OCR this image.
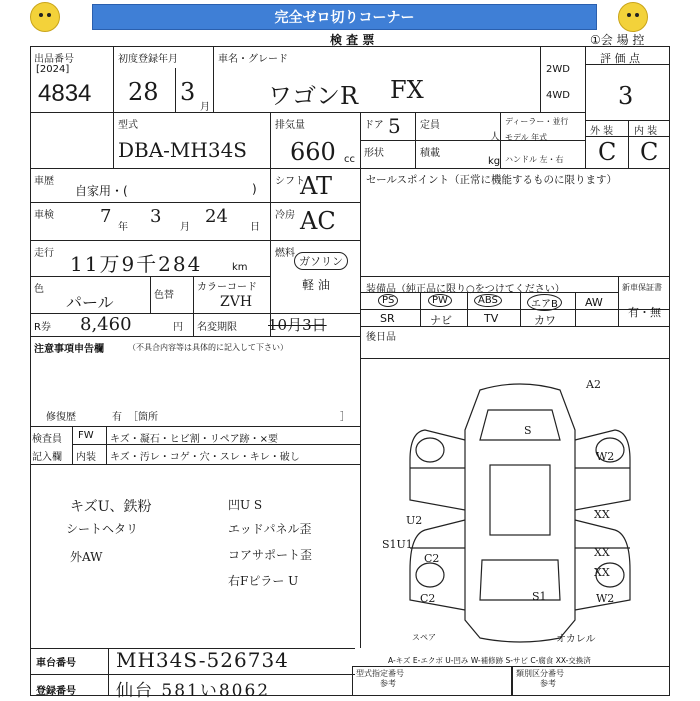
完全ゼロ切りコーナー
検 査 票	①会 場 控
出品番号
[2024]
4834
初度登録年月
28 3
月
車名・グレード
ワゴンR FX
2WD
4WD
評 価 点
3
外 装 内 装
C C
型式
DBA-MH34S
排気量
660 cc
ドア 5 定員
人
形状	積載
kg
ディーラー・並行
モデル 年式
ハンドル 左・右
車歴
自家用・(	)
シフト
AT
冷房 AC
燃料
ガソリン
軽 油
車検	7
年
3
月
24
日
走行 11万9千284	km
色
パール	色替
カラーコード
ZVH
R券 8,460	円 名変期限 10月3日
セールスポイント（正常に機能するものに限ります）
装備品（純正品に限り○をつけてください）	新車保証書
PS	PW	ABS	エアB	AW
SR	ナビ	TV	カワ
有・無
後日品
注意事項申告欄	（不具合内容等は具体的に記入して下さい）
修復歴	有 ［箇所	］
検査員 FW キズ・凝石・ヒビ割・リペア跡・×要
記入欄 内装 キズ・汚レ・コゲ・穴・スレ・キレ・破し
キズU、鉄粉
シートヘタリ
外AW
凹U S
エッドパネル歪
コアサポート歪
右Fピラー U
A2
S
W2
U2
S1U1
C2
XX
XX
XX
C2	S1	W2
オカレル
スペア
A-キズ E-エクボ U-凹み W-補修跡 S-サビ C-腐食 XX-交換済
車台番号 MH34S-526734
登録番号 仙台 581い8062
型式指定番号
参考
類別区分番号
参考
